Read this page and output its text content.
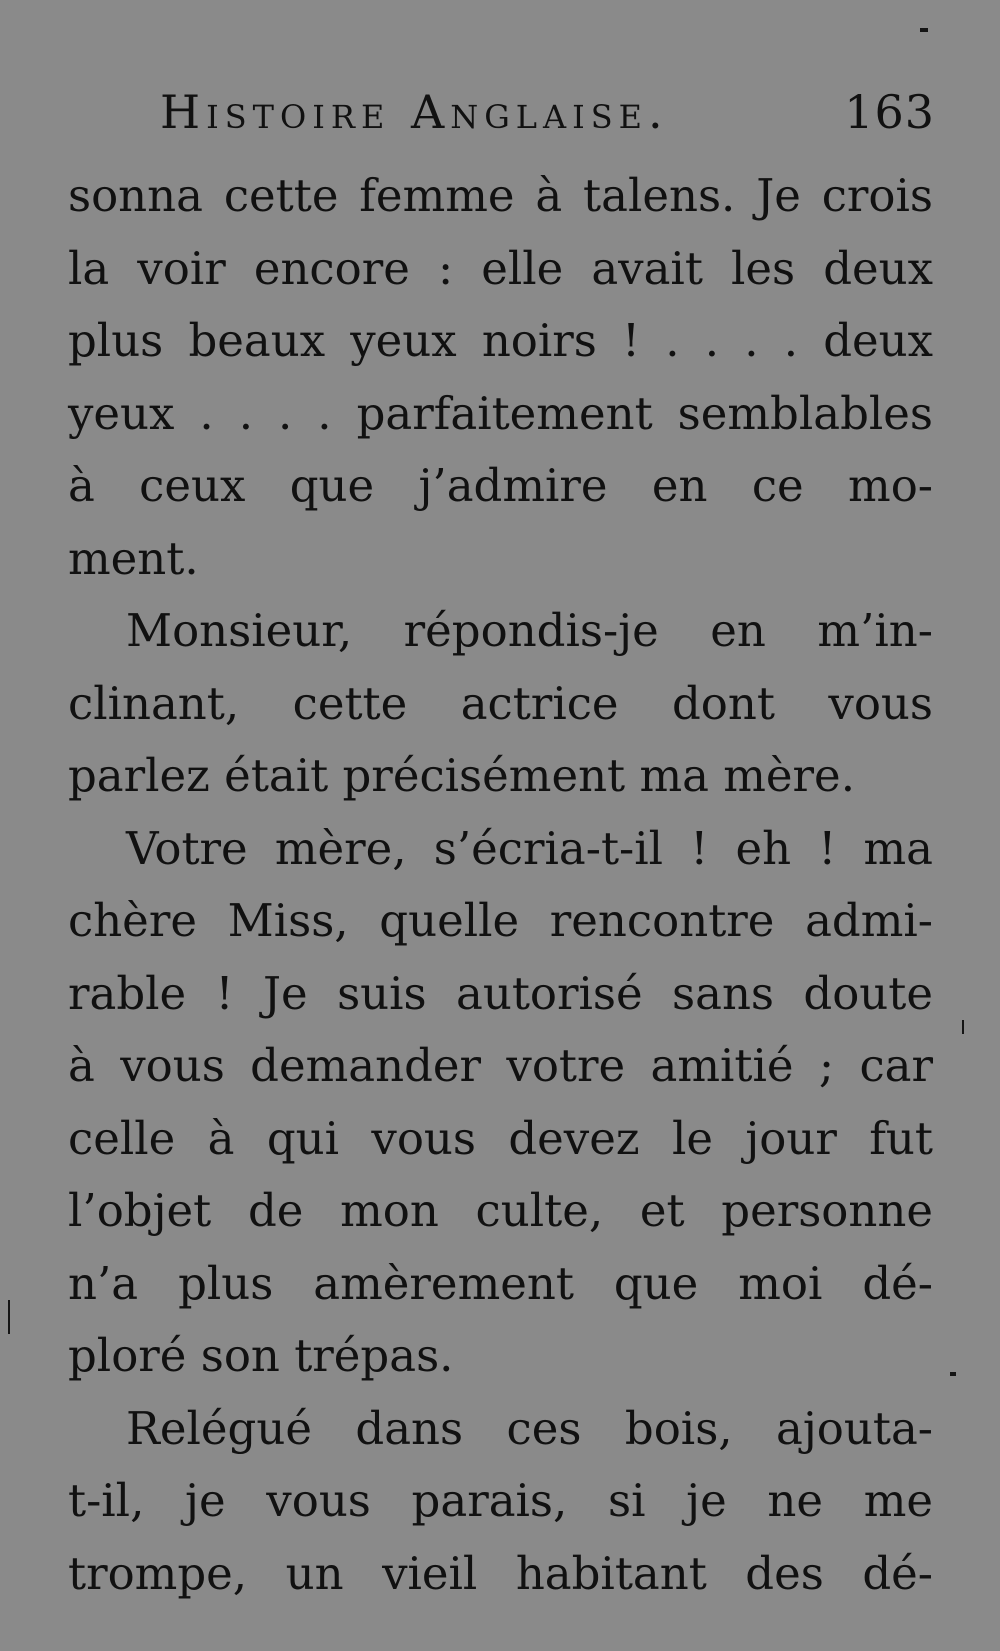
Histoire Anglaise.	163
sonna cette femme à talens. Je crois
la voir encore : elle avait les deux
plus beaux yeux noirs ! . . . . deux
yeux . . . . parfaitement semblables
à ceux que j’admire en ce mo-
ment.
Monsieur, répondis-je en m’in-
clinant, cette actrice dont vous
parlez était précisément ma mère.
Votre mère, s’écria-t-il ! eh ! ma
chère Miss, quelle rencontre admi-
rable ! Je suis autorisé sans doute
à vous demander votre amitié ; car
celle à qui vous devez le jour fut
l’objet de mon culte, et personne
n’a plus amèrement que moi dé-
ploré son trépas.
Relégué dans ces bois, ajouta-
t-il, je vous parais, si je ne me
trompe, un vieil habitant des dé-
